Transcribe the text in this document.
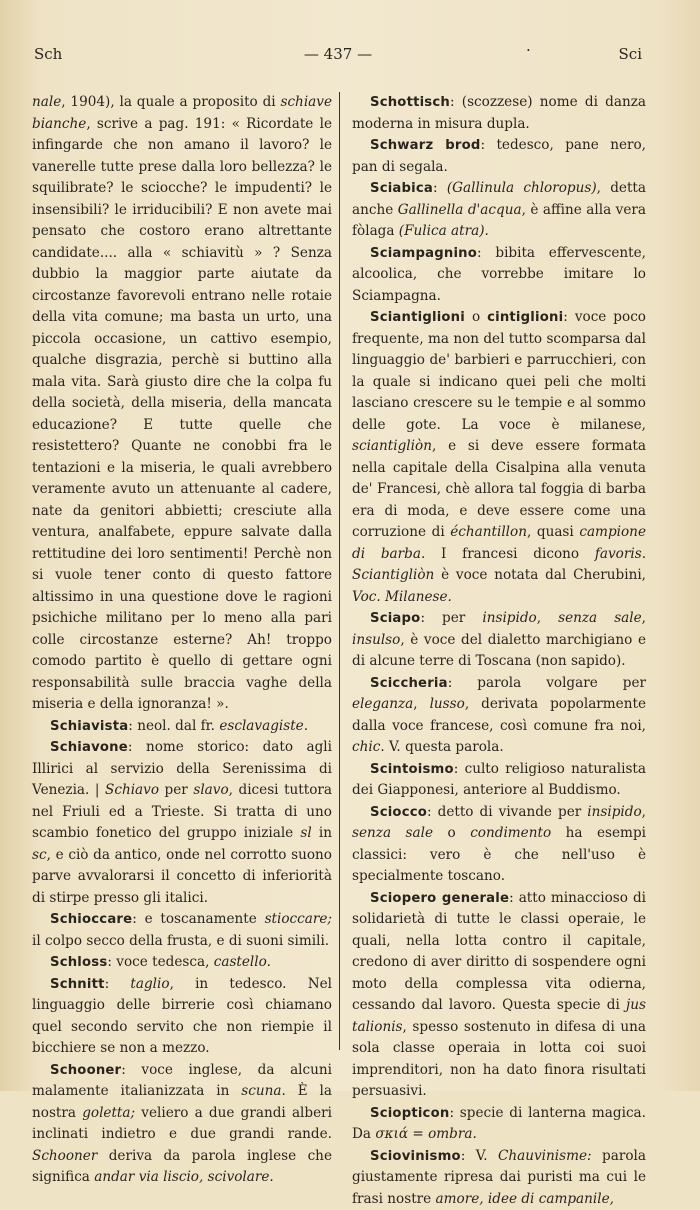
Sch	— 437 —	·	Sci

nale, 1904), la quale a proposito di schiave bianche, scrive a pag. 191: « Ricordate le infingarde che non amano il lavoro? le vanerelle tutte prese dalla loro bellezza? le squilibrate? le sciocche? le impudenti? le insensibili? le irriducibili? E non avete mai pensato che costoro erano altrettante candidate.... alla « schiavitù » ? Senza dubbio la maggior parte aiutate da circostanze favorevoli entrano nelle rotaie della vita comune; ma basta un urto, una piccola occasione, un cattivo esempio, qualche disgrazia, perchè si buttino alla mala vita. Sarà giusto dire che la colpa fu della società, della miseria, della mancata educazione? E tutte quelle che resistettero? Quante ne conobbi fra le tentazioni e la miseria, le quali avrebbero veramente avuto un attenuante al cadere, nate da genitori abbietti; cresciute alla ventura, analfabete, eppure salvate dalla rettitudine dei loro sentimenti! Perchè non si vuole tener conto di questo fattore altissimo in una questione dove le ragioni psichiche militano per lo meno alla pari colle circostanze esterne? Ah! troppo comodo partito è quello di gettare ogni responsabilità sulle braccia vaghe della miseria e della ignoranza! ».

Schiavista: neol. dal fr. esclavagiste.

Schiavone: nome storico: dato agli Illirici al servizio della Serenissima di Venezia. | Schiavo per slavo, dicesi tuttora nel Friuli ed a Trieste. Si tratta di uno scambio fonetico del gruppo iniziale sl in sc, e ciò da antico, onde nel corrotto suono parve avvalorarsi il concetto di inferiorità di stirpe presso gli italici.

Schioccare: e toscanamente stioccare; il colpo secco della frusta, e di suoni simili.

Schloss: voce tedesca, castello.

Schnitt: taglio, in tedesco. Nel linguaggio delle birrerie così chiamano quel secondo servito che non riempie il bicchiere se non a mezzo.

Schooner: voce inglese, da alcuni malamente italianizzata in scuna. È la nostra goletta; veliero a due grandi alberi inclinati indietro e due grandi rande. Schooner deriva da parola inglese che significa andar via liscio, scivolare.

Schottisch: (scozzese) nome di danza moderna in misura dupla.

Schwarz brod: tedesco, pane nero, pan di segala.

Sciabica: (Gallinula chloropus), detta anche Gallinella d'acqua, è affine alla vera fòlaga (Fulica atra).

Sciampagnino: bibita effervescente, alcoolica, che vorrebbe imitare lo Sciampagna.

Sciantiglioni o cintiglioni: voce poco frequente, ma non del tutto scomparsa dal linguaggio de' barbieri e parrucchieri, con la quale si indicano quei peli che molti lasciano crescere su le tempie e al sommo delle gote. La voce è milanese, sciantigliòn, e si deve essere formata nella capitale della Cisalpina alla venuta de' Francesi, chè allora tal foggia di barba era di moda, e deve essere come una corruzione di échantillon, quasi campione di barba. I francesi dicono favoris. Sciantigliòn è voce notata dal Cherubini, Voc. Milanese.

Sciapo: per insipido, senza sale, insulso, è voce del dialetto marchigiano e di alcune terre di Toscana (non sapido).

Sciccheria: parola volgare per eleganza, lusso, derivata popolarmente dalla voce francese, così comune fra noi, chic. V. questa parola.

Scintoismo: culto religioso naturalista dei Giapponesi, anteriore al Buddismo.

Sciocco: detto di vivande per insipido, senza sale o condimento ha esempi classici: vero è che nell'uso è specialmente toscano.

Sciopero generale: atto minaccioso di solidarietà di tutte le classi operaie, le quali, nella lotta contro il capitale, credono di aver diritto di sospendere ogni moto della complessa vita odierna, cessando dal lavoro. Questa specie di jus talionis, spesso sostenuto in difesa di una sola classe operaia in lotta coi suoi imprenditori, non ha dato finora risultati persuasivi.

Sciopticon: specie di lanterna magica. Da σκιά = ombra.

Sciovinismo: V. Chauvinisme: parola giustamente ripresa dai puristi ma cui le frasi nostre amore, idee di campanile,
